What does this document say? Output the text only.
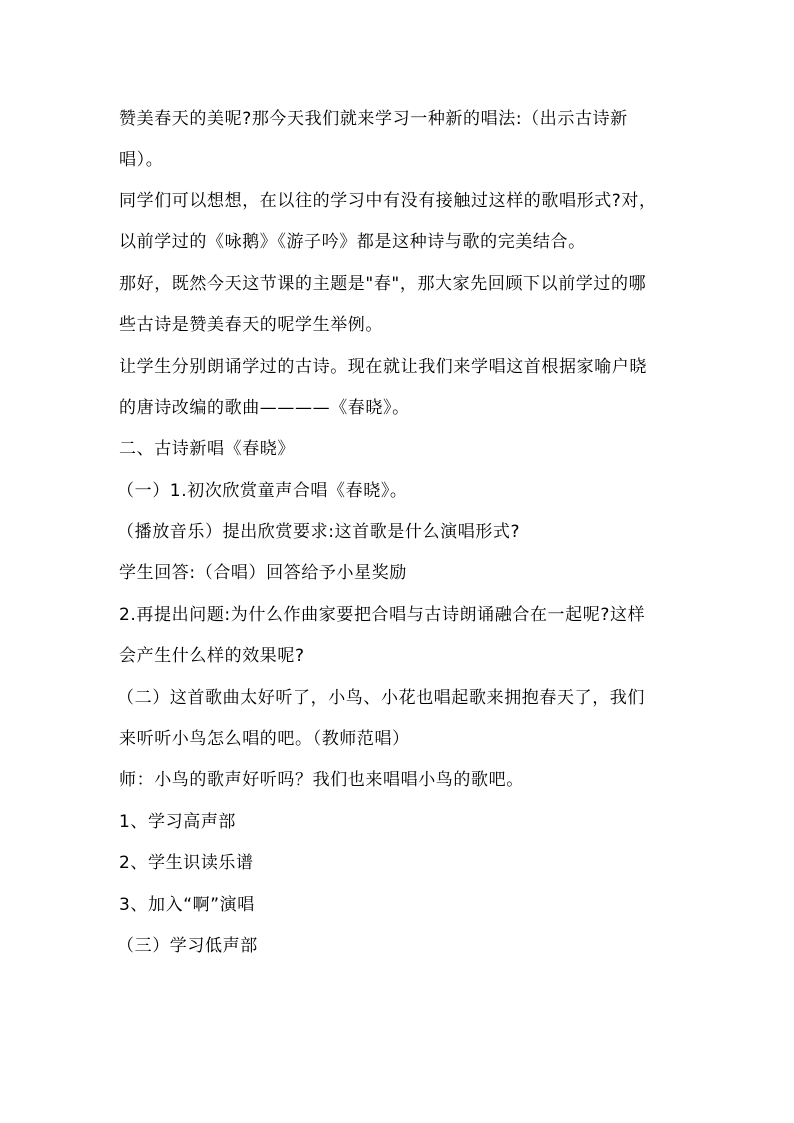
赞美春天的美呢?那今天我们就来学习一种新的唱法:（出示古诗新
唱）。
同学们可以想想，在以往的学习中有没有接触过这样的歌唱形式?对，
以前学过的《咏鹅》《游子吟》都是这种诗与歌的完美结合。
那好，既然今天这节课的主题是"春"，那大家先回顾下以前学过的哪
些古诗是赞美春天的呢学生举例。
让学生分别朗诵学过的古诗。现在就让我们来学唱这首根据家喻户晓
的唐诗改编的歌曲————《春晓》。
二、古诗新唱《春晓》
（一）1.初次欣赏童声合唱《春晓》。
（播放音乐）提出欣赏要求:这首歌是什么演唱形式?
学生回答:（合唱）回答给予小星奖励
2.再提出问题:为什么作曲家要把合唱与古诗朗诵融合在一起呢?这样
会产生什么样的效果呢?
（二）这首歌曲太好听了，小鸟、小花也唱起歌来拥抱春天了，我们
来听听小鸟怎么唱的吧。（教师范唱）
师：小鸟的歌声好听吗？我们也来唱唱小鸟的歌吧。
1、学习高声部
2、学生识读乐谱
3、加入“啊”演唱
（三）学习低声部
